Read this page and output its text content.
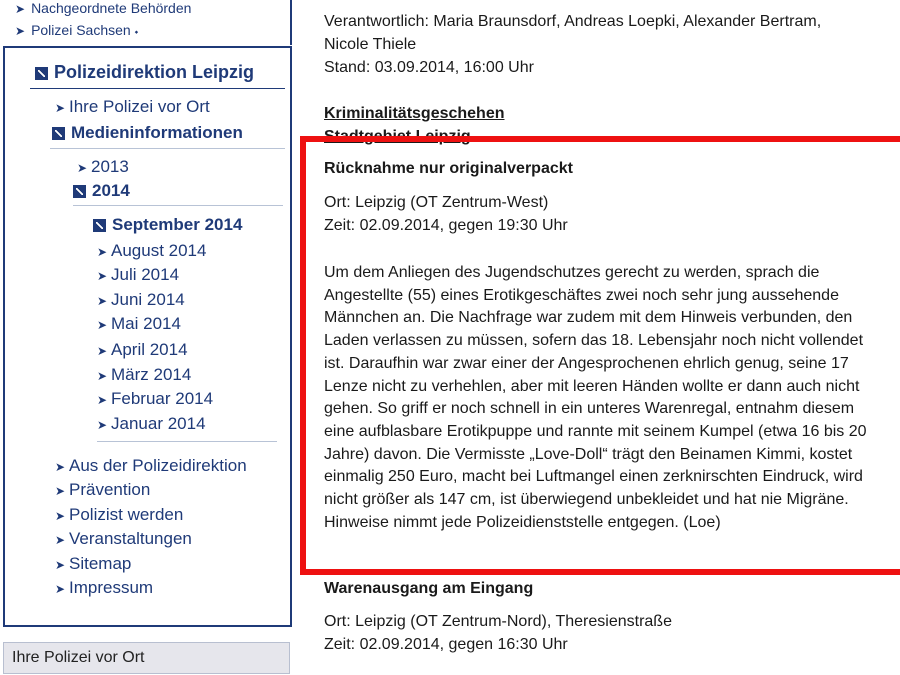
➤ Nachgeordnete Behörden
➤ Polizei Sachsen ⬩
Polizeidirektion Leipzig
➤ Ihre Polizei vor Ort
Medieninformationen
➤ 2013
2014
September 2014
➤ August 2014
➤ Juli 2014
➤ Juni 2014
➤ Mai 2014
➤ April 2014
➤ März 2014
➤ Februar 2014
➤ Januar 2014
➤ Aus der Polizeidirektion
➤ Prävention
➤ Polizist werden
➤ Veranstaltungen
➤ Sitemap
➤ Impressum
Ihre Polizei vor Ort
Verantwortlich: Maria Braunsdorf, Andreas Loepki, Alexander Bertram,
Nicole Thiele
Stand: 03.09.2014, 16:00 Uhr
Kriminalitätsgeschehen
Stadtgebiet Leipzig
Rücknahme nur originalverpackt
Ort: Leipzig (OT Zentrum-West)
Zeit: 02.09.2014, gegen 19:30 Uhr
Um dem Anliegen des Jugendschutzes gerecht zu werden, sprach die Angestellte (55) eines Erotikgeschäftes zwei noch sehr jung aussehende Männchen an. Die Nachfrage war zudem mit dem Hinweis verbunden, den Laden verlassen zu müssen, sofern das 18. Lebensjahr noch nicht vollendet ist. Daraufhin war zwar einer der Angesprochenen ehrlich genug, seine 17 Lenze nicht zu verhehlen, aber mit leeren Händen wollte er dann auch nicht gehen. So griff er noch schnell in ein unteres Warenregal, entnahm diesem eine aufblasbare Erotikpuppe und rannte mit seinem Kumpel (etwa 16 bis 20 Jahre) davon. Die Vermisste „Love-Doll“ trägt den Beinamen Kimmi, kostet einmalig 250 Euro, macht bei Luftmangel einen zerknirschten Eindruck, wird nicht größer als 147 cm, ist überwiegend unbekleidet und hat nie Migräne. Hinweise nimmt jede Polizeidienststelle entgegen. (Loe)
Warenausgang am Eingang
Ort: Leipzig (OT Zentrum-Nord), Theresienstraße
Zeit: 02.09.2014, gegen 16:30 Uhr
